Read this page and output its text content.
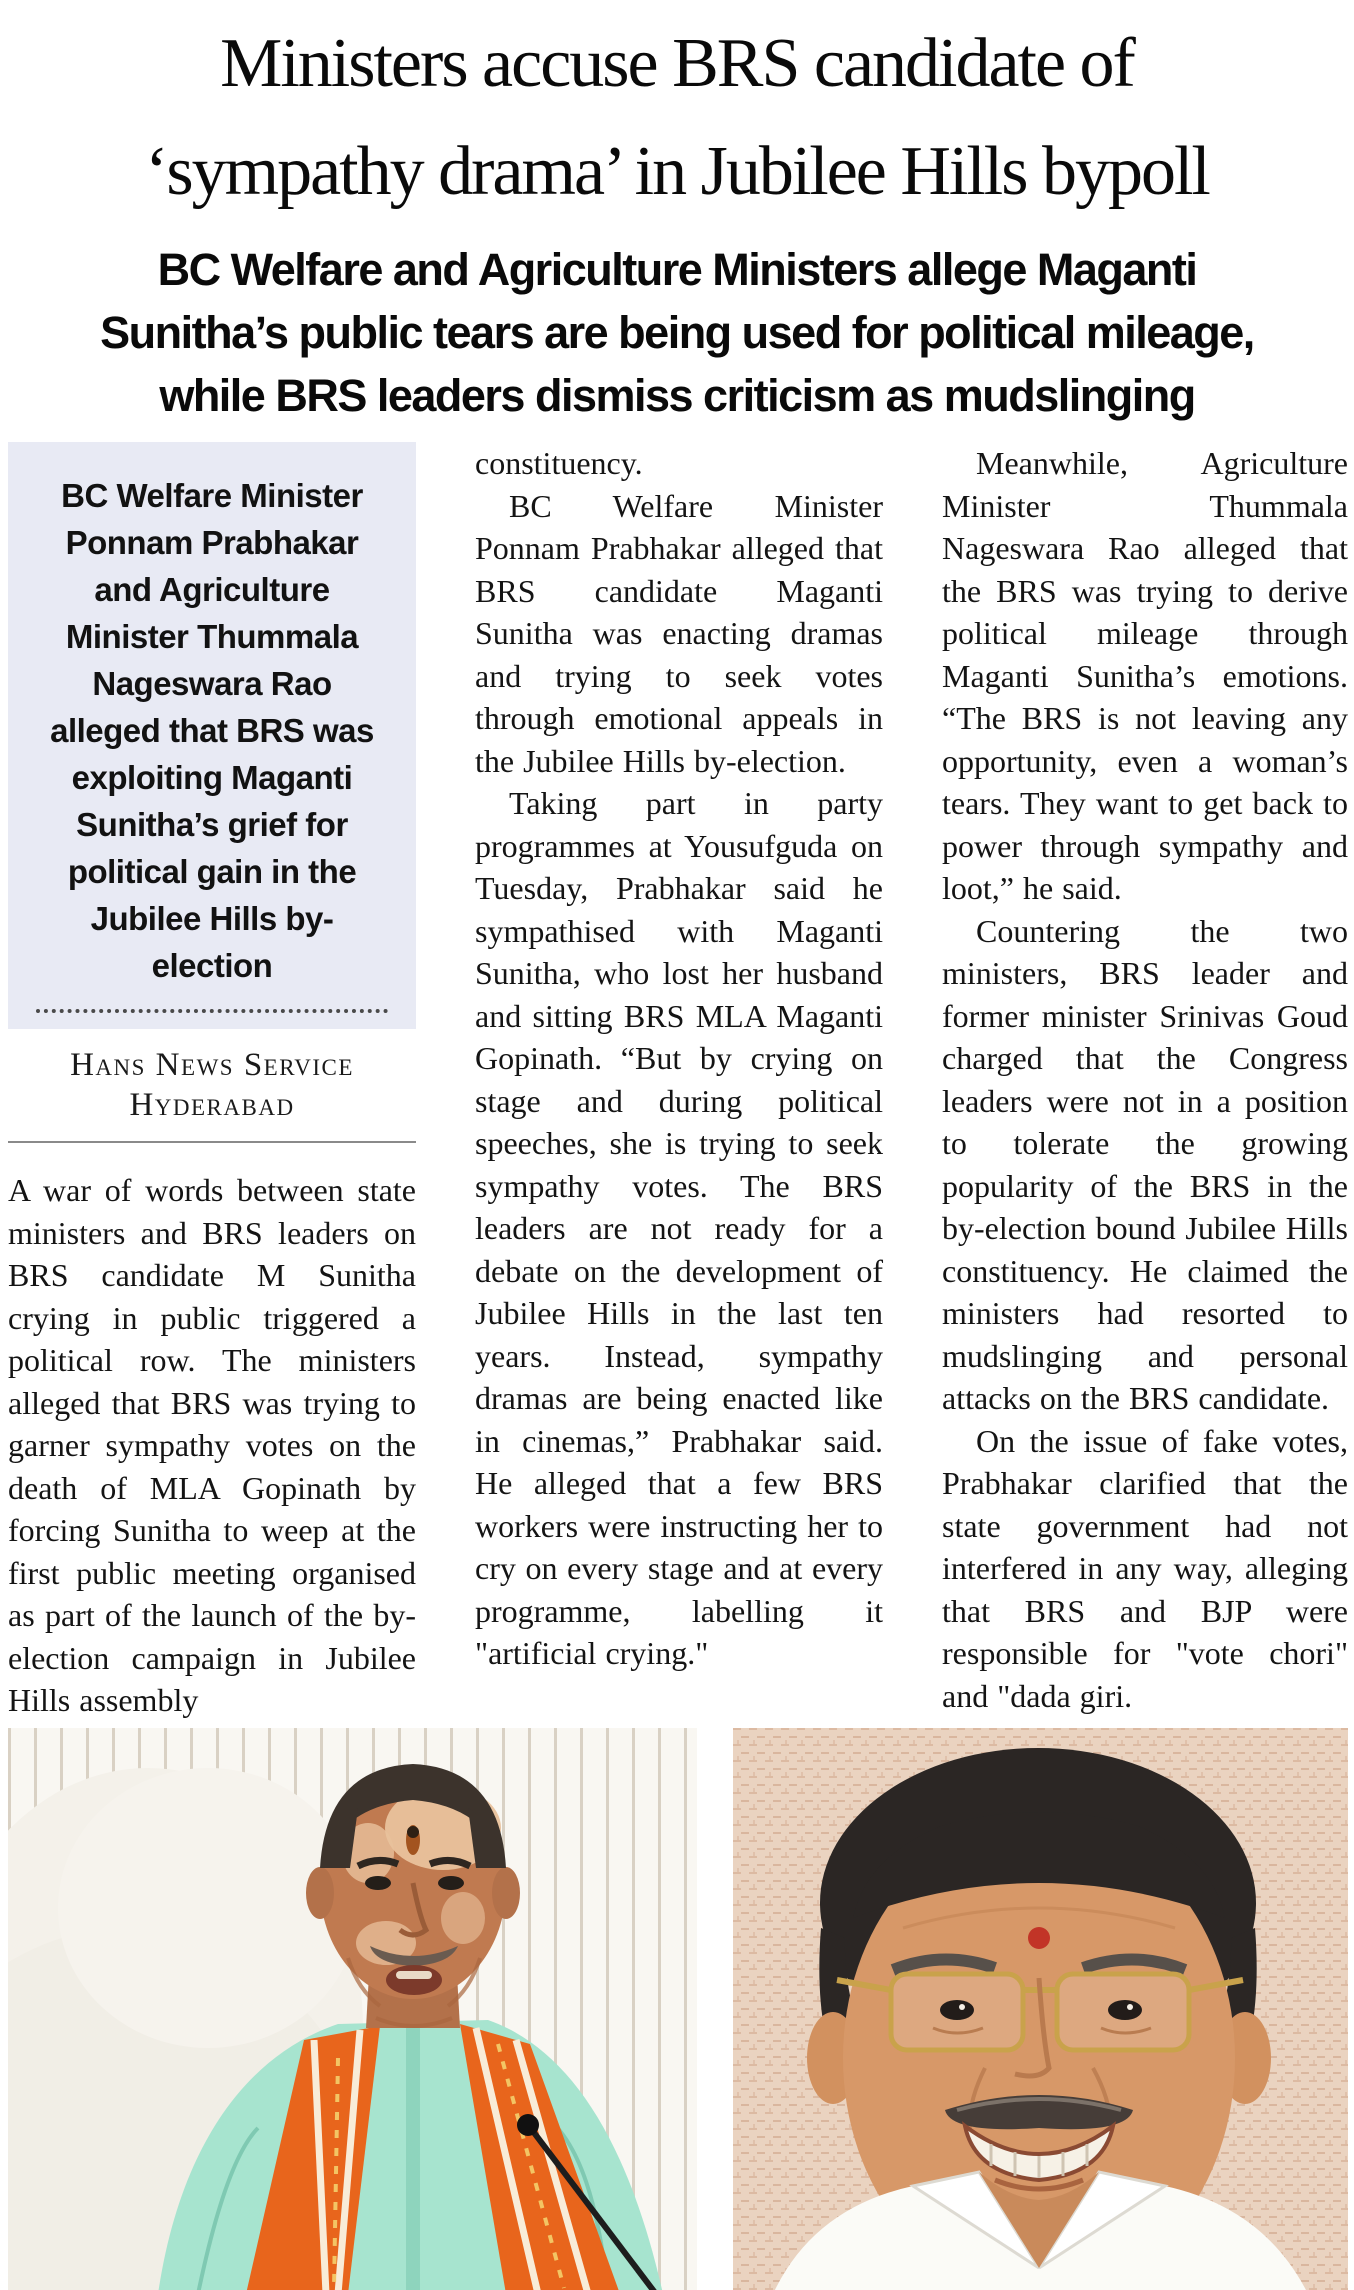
Ministers accuse BRS candidate of
‘sympathy drama’ in Jubilee Hills bypoll
BC Welfare and Agriculture Ministers allege Maganti
Sunitha’s public tears are being used for political mileage,
while BRS leaders dismiss criticism as mudslinging
BC Welfare Minister Ponnam Prabhakar and Agriculture Minister Thummala Nageswara Rao alleged that BRS was exploiting Maganti Sunitha’s grief for political gain in the Jubilee Hills by-election
Hans News Service
Hyderabad

A war of words between state ministers and BRS leaders on BRS candidate M Sunitha crying in public triggered a political row. The ministers alleged that BRS was trying to garner sympathy votes on the death of MLA Gopinath by forcing Sunitha to weep at the first public meeting organised as part of the launch of the by-election campaign in Jubilee Hills assembly

constituency.

BC Welfare Minister Ponnam Prabhakar alleged that BRS candidate Maganti Sunitha was enacting dramas and trying to seek votes through emotional appeals in the Jubilee Hills by-election.

Taking part in party programmes at Yousufguda on Tuesday, Prabhakar said he sympathised with Maganti Sunitha, who lost her husband and sitting BRS MLA Maganti Gopinath. “But by crying on stage and during political speeches, she is trying to seek sympathy votes. The BRS leaders are not ready for a debate on the development of Jubilee Hills in the last ten years. Instead, sympathy dramas are being enacted like in cinemas,” Prabhakar said. He alleged that a few BRS workers were instructing her to cry on every stage and at every programme, labelling it "artificial crying."

Meanwhile, Agriculture Minister Thummala Nageswara Rao alleged that the BRS was trying to derive political mileage through Maganti Sunitha’s emotions. “The BRS is not leaving any opportunity, even a woman’s tears. They want to get back to power through sympathy and loot,” he said.

Countering the two ministers, BRS leader and former minister Srinivas Goud charged that the Congress leaders were not in a position to tolerate the growing popularity of the BRS in the by-election bound Jubilee Hills constituency. He claimed the ministers had resorted to mudslinging and personal attacks on the BRS candidate.

On the issue of fake votes, Prabhakar clarified that the state government had not interfered in any way, alleging that BRS and BJP were responsible for "vote chori" and "dada giri.
